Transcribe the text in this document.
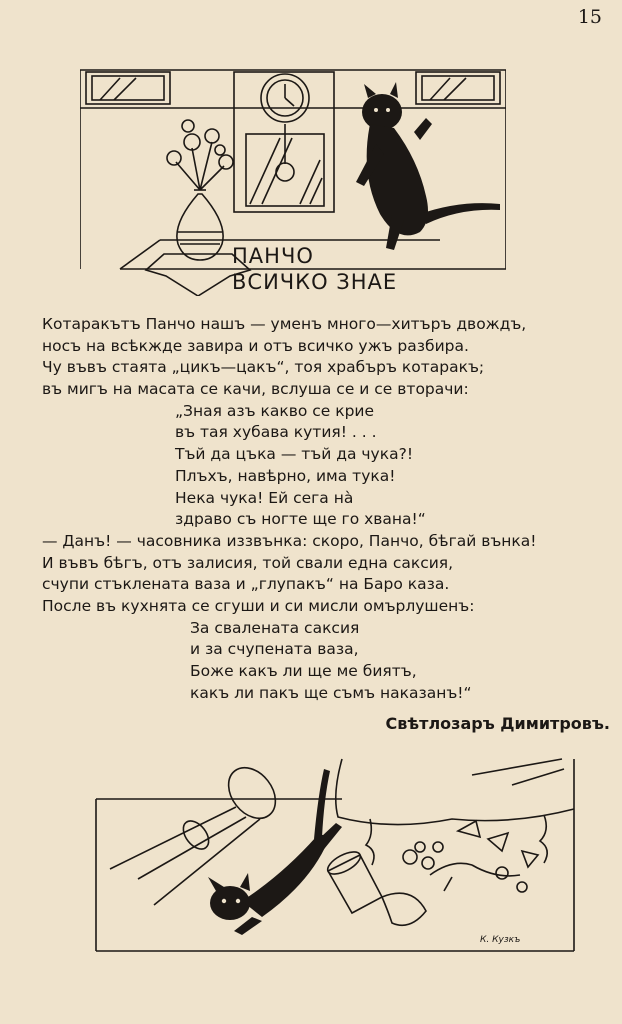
15
ПАНЧО
ВСИЧКО ЗНАЕ
Котаракътъ Панчо нашъ — уменъ много—хитъръ двождъ,
носъ на всѣкжде завира и отъ всичко ужъ разбира.
Чу въвъ стаята „цикъ—цакъ“, тоя храбъръ котаракъ;
въ мигъ на масата се качи, вслуша се и се вторачи:
„Зная азъ какво се крие
въ тая хубава кутия! . . .
Тъй да цъка — тъй да чука?!
Плъхъ, навѣрно, има тука!
Нека чука! Ей сега нà
здраво съ ногте ще го хвана!“
— Данъ! — часовника иззвънка: скоро, Панчо, бѣгай вънка!
И въвъ бѣгъ, отъ залисия, той свали една саксия,
счупи стъклената ваза и „глупакъ“ на Баро каза.
После въ кухнята се сгуши и си мисли омърлушенъ:
За свалената саксия
и за счупената ваза,
Боже какъ ли ще ме биятъ,
какъ ли пакъ ще съмъ наказанъ!“
Свѣтлозаръ Димитровъ.
К. Кузкъ
